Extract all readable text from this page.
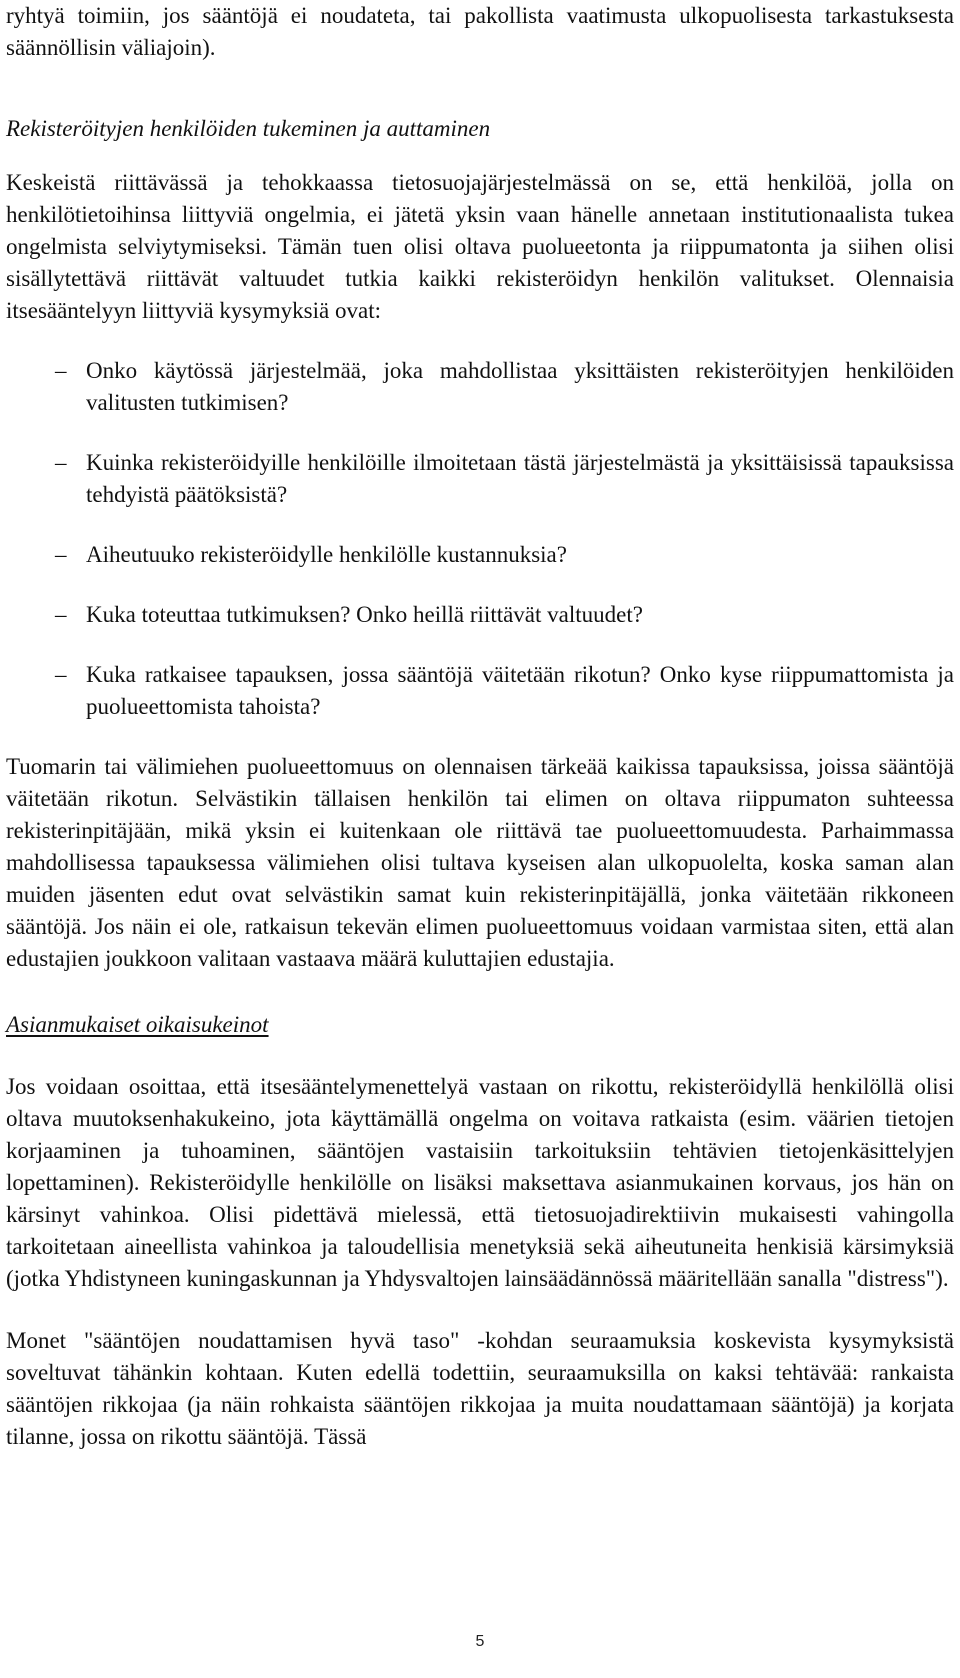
ryhtyä toimiin, jos sääntöjä ei noudateta, tai pakollista vaatimusta ulkopuolisesta tarkastuksesta säännöllisin väliajoin).

Rekisteröityjen henkilöiden tukeminen ja auttaminen

Keskeistä riittävässä ja tehokkaassa tietosuojajärjestelmässä on se, että henkilöä, jolla on henkilötietoihinsa liittyviä ongelmia, ei jätetä yksin vaan hänelle annetaan institutionaalista tukea ongelmista selviytymiseksi. Tämän tuen olisi oltava puolueetonta ja riippumatonta ja siihen olisi sisällytettävä riittävät valtuudet tutkia kaikki rekisteröidyn henkilön valitukset. Olennaisia itsesääntelyyn liittyviä kysymyksiä ovat:

– Onko käytössä järjestelmää, joka mahdollistaa yksittäisten rekisteröityjen henkilöiden valitusten tutkimisen?
– Kuinka rekisteröidyille henkilöille ilmoitetaan tästä järjestelmästä ja yksittäisissä tapauksissa tehdyistä päätöksistä?
– Aiheutuuko rekisteröidylle henkilölle kustannuksia?
– Kuka toteuttaa tutkimuksen? Onko heillä riittävät valtuudet?
– Kuka ratkaisee tapauksen, jossa sääntöjä väitetään rikotun? Onko kyse riippumattomista ja puolueettomista tahoista?

Tuomarin tai välimiehen puolueettomuus on olennaisen tärkeää kaikissa tapauksissa, joissa sääntöjä väitetään rikotun. Selvästikin tällaisen henkilön tai elimen on oltava riippumaton suhteessa rekisterinpitäjään, mikä yksin ei kuitenkaan ole riittävä tae puolueettomuudesta. Parhaimmassa mahdollisessa tapauksessa välimiehen olisi tultava kyseisen alan ulkopuolelta, koska saman alan muiden jäsenten edut ovat selvästikin samat kuin rekisterinpitäjällä, jonka väitetään rikkoneen sääntöjä. Jos näin ei ole, ratkaisun tekevän elimen puolueettomuus voidaan varmistaa siten, että alan edustajien joukkoon valitaan vastaava määrä kuluttajien edustajia.

Asianmukaiset oikaisukeinot

Jos voidaan osoittaa, että itsesääntelymenettelyä vastaan on rikottu, rekisteröidyllä henkilöllä olisi oltava muutoksenhakukeino, jota käyttämällä ongelma on voitava ratkaista (esim. väärien tietojen korjaaminen ja tuhoaminen, sääntöjen vastaisiin tarkoituksiin tehtävien tietojenkäsittelyjen lopettaminen). Rekisteröidylle henkilölle on lisäksi maksettava asianmukainen korvaus, jos hän on kärsinyt vahinkoa. Olisi pidettävä mielessä, että tietosuojadirektiivin mukaisesti vahingolla tarkoitetaan aineellista vahinkoa ja taloudellisia menetyksiä sekä aiheutuneita henkisiä kärsimyksiä (jotka Yhdistyneen kuningaskunnan ja Yhdysvaltojen lainsäädännössä määritellään sanalla "distress").

Monet "sääntöjen noudattamisen hyvä taso" -kohdan seuraamuksia koskevista kysymyksistä soveltuvat tähänkin kohtaan. Kuten edellä todettiin, seuraamuksilla on kaksi tehtävää: rankaista sääntöjen rikkojaa (ja näin rohkaista sääntöjen rikkojaa ja muita noudattamaan sääntöjä) ja korjata tilanne, jossa on rikottu sääntöjä. Tässä

5
